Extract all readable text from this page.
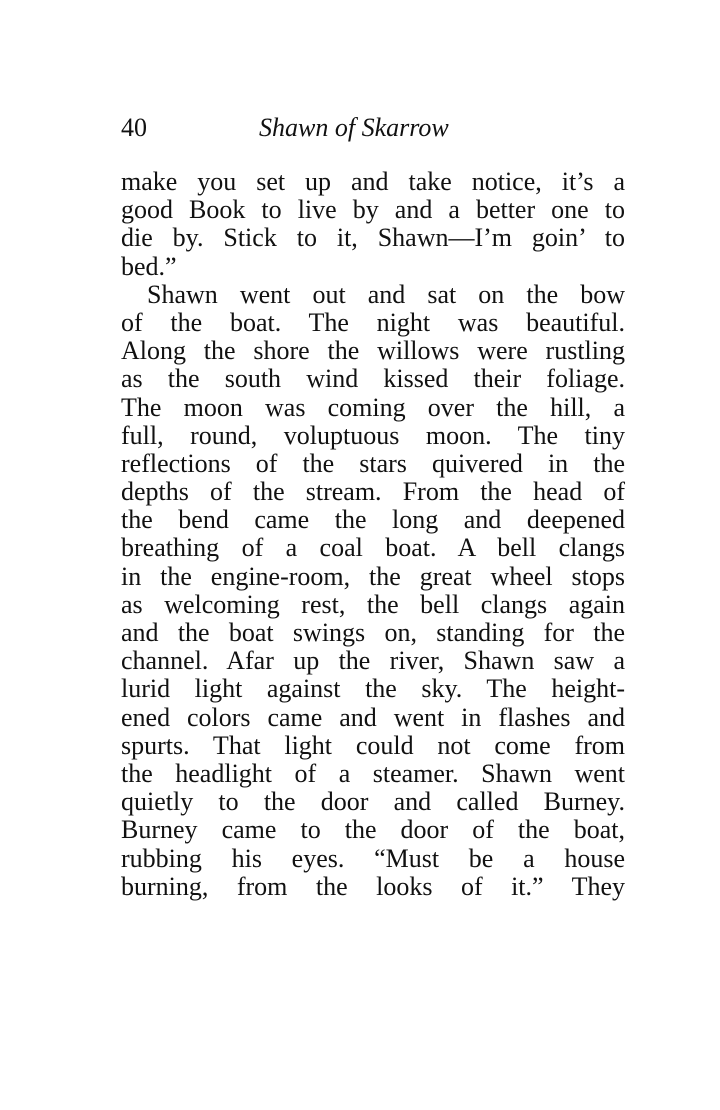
40	Shawn of Skarrow
make you set up and take notice, it’s a
good Book to live by and a better one to
die by. Stick to it, Shawn—I’m goin’ to
bed.”
Shawn went out and sat on the bow
of the boat. The night was beautiful.
Along the shore the willows were rustling
as the south wind kissed their foliage.
The moon was coming over the hill, a
full, round, voluptuous moon. The tiny
reflections of the stars quivered in the
depths of the stream. From the head of
the bend came the long and deepened
breathing of a coal boat. A bell clangs
in the engine-room, the great wheel stops
as welcoming rest, the bell clangs again
and the boat swings on, standing for the
channel. Afar up the river, Shawn saw a
lurid light against the sky. The height-
ened colors came and went in flashes and
spurts. That light could not come from
the headlight of a steamer. Shawn went
quietly to the door and called Burney.
Burney came to the door of the boat,
rubbing his eyes. “Must be a house
burning, from the looks of it.” They
